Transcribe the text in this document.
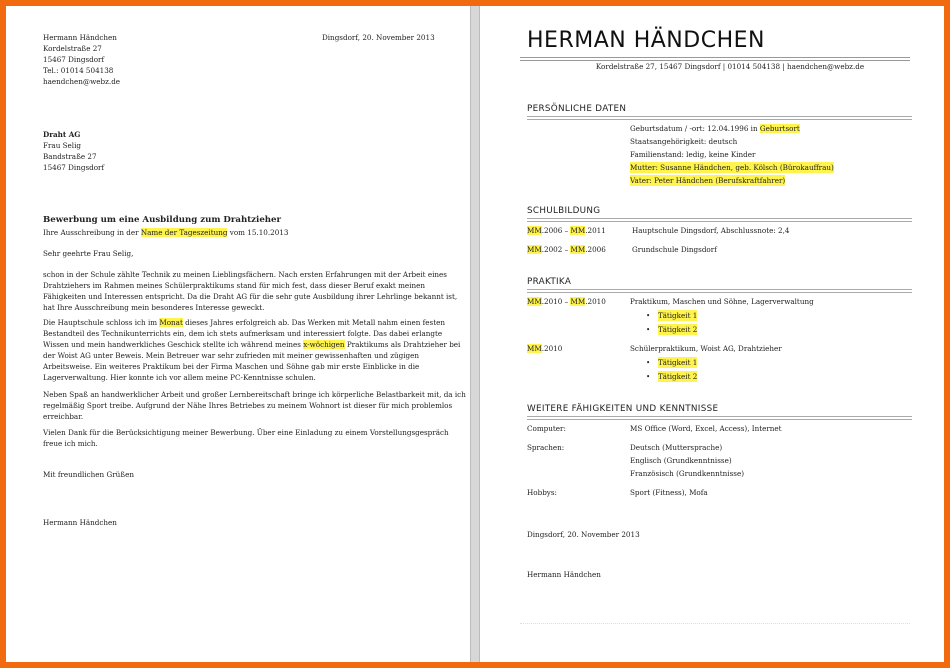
Hermann Händchen
Kordelstraße 27
15467 Dingsdorf
Tel.: 01014 504138
haendchen@webz.de
Dingsdorf, 20. November 2013
Draht AG
Frau Selig
Bandstraße 27
15467 Dingsdorf
Bewerbung um eine Ausbildung zum Drahtzieher
Ihre Ausschreibung in der Name der Tageszeitung vom 15.10.2013
Sehr geehrte Frau Selig,
schon in der Schule zählte Technik zu meinen Lieblingsfächern. Nach ersten Erfahrungen mit der Arbeit eines
Drahtziehers im Rahmen meines Schülerpraktikums stand für mich fest, dass dieser Beruf exakt meinen
Fähigkeiten und Interessen entspricht. Da die Draht AG für die sehr gute Ausbildung ihrer Lehrlinge bekannt ist,
hat Ihre Ausschreibung mein besonderes Interesse geweckt.
Die Hauptschule schloss ich im Monat dieses Jahres erfolgreich ab. Das Werken mit Metall nahm einen festen
Bestandteil des Technikunterrichts ein, dem ich stets aufmerksam und interessiert folgte. Das dabei erlangte
Wissen und mein handwerkliches Geschick stellte ich während meines x-wöchigen Praktikums als Drahtzieher bei
der Woist AG unter Beweis. Mein Betreuer war sehr zufrieden mit meiner gewissenhaften und zügigen
Arbeitsweise. Ein weiteres Praktikum bei der Firma Maschen und Söhne gab mir erste Einblicke in die
Lagerverwaltung. Hier konnte ich vor allem meine PC-Kenntnisse schulen.
Neben Spaß an handwerklicher Arbeit und großer Lernbereitschaft bringe ich körperliche Belastbarkeit mit, da ich
regelmäßig Sport treibe. Aufgrund der Nähe Ihres Betriebes zu meinem Wohnort ist dieser für mich problemlos
erreichbar.
Vielen Dank für die Berücksichtigung meiner Bewerbung. Über eine Einladung zu einem Vorstellungsgespräch
freue ich mich.
Mit freundlichen Grüßen
Hermann Händchen
HERMAN HÄNDCHEN
Kordelstraße 27, 15467 Dingsdorf | 01014 504138 | haendchen@webz.de
PERSÖNLICHE DATEN
Geburtsdatum / -ort: 12.04.1996 in Geburtsort
Staatsangehörigkeit: deutsch
Familienstand: ledig, keine Kinder
Mutter: Susanne Händchen, geb. Kölsch (Bürokauffrau)
Vater: Peter Händchen (Berufskraftfahrer)
SCHULBILDUNG
MM.2006 – MM.2011	Hauptschule Dingsdorf, Abschlussnote: 2,4
MM.2002 – MM.2006	Grundschule Dingsdorf
PRAKTIKA
MM.2010 – MM.2010	Praktikum, Maschen und Söhne, Lagerverwaltung
• Tätigkeit 1
• Tätigkeit 2
MM.2010	Schülerpraktikum, Woist AG, Drahtzieher
• Tätigkeit 1
• Tätigkeit 2
WEITERE FÄHIGKEITEN UND KENNTNISSE
Computer:	MS Office (Word, Excel, Access), Internet
Sprachen:	Deutsch (Muttersprache)
Englisch (Grundkenntnisse)
Französisch (Grundkenntnisse)
Hobbys:	Sport (Fitness), Mofa
Dingsdorf, 20. November 2013
Hermann Händchen
